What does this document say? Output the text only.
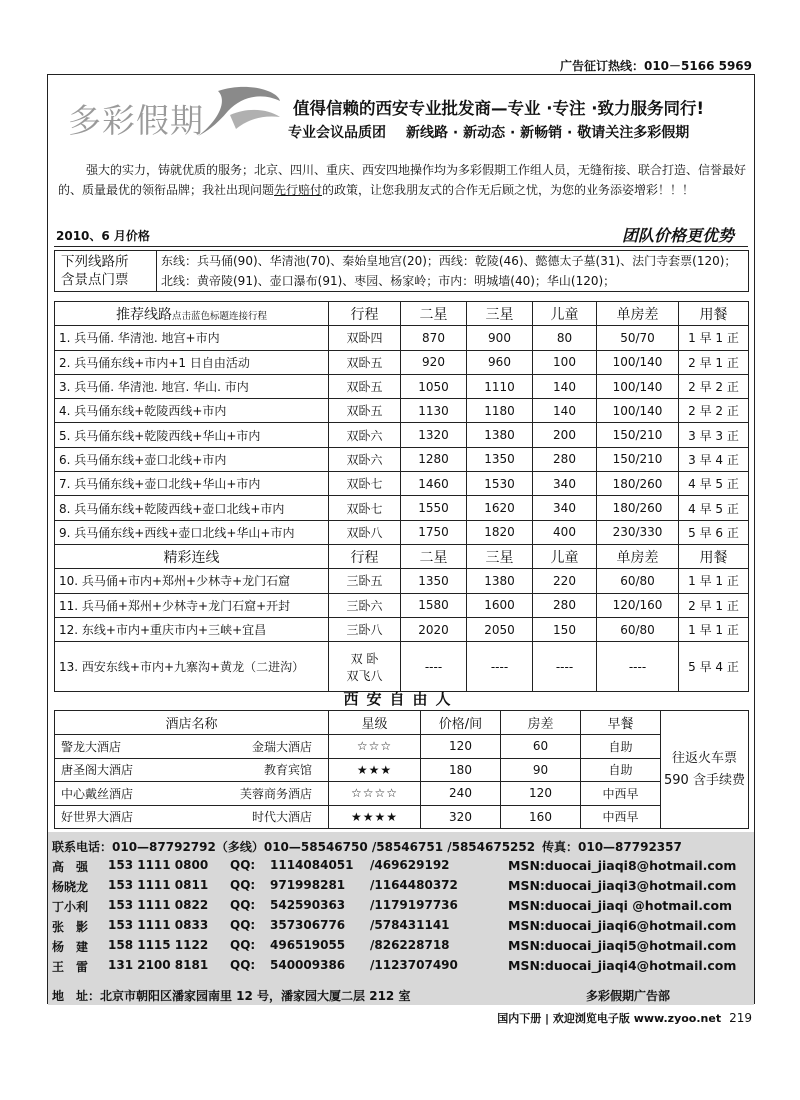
广告征订热线：010－5166 5969
多彩假期	值得信赖的西安专业批发商—专业 ·专注 ·致力服务同行!
专业会议品质团 新线路 · 新动态 · 新畅销 · 敬请关注多彩假期
强大的实力，铸就优质的服务；北京、四川、重庆、西安四地操作均为多彩假期工作组人员，无缝衔接、联合打造、信誉最好的、质量最优的领衔品牌；我社出现问题先行赔付的政策，让您我朋友式的合作无后顾之忧，为您的业务添姿增彩！！！
2010、6 月价格	团队价格更优势
下列线路所
含景点门票
	东线：兵马俑(90)、华清池(70)、秦始皇地宫(20)；西线：乾陵(46)、懿德太子墓(31)、法门寺套票(120)；北线：黄帝陵(91)、壶口瀑布(91)、枣园、杨家岭；市内：明城墙(40)；华山(120)；
推荐线路点击蓝色标题连接行程	行程	二星	三星	儿童	单房差	用餐
1. 兵马俑. 华清池. 地宫+市内	双卧四	870	900	80	50/70	1 早 1 正
2. 兵马俑东线+市内+1 日自由活动	双卧五	920	960	100	100/140	2 早 1 正
3. 兵马俑. 华清池. 地宫. 华山. 市内	双卧五	1050	1110	140	100/140	2 早 2 正
4. 兵马俑东线+乾陵西线+市内	双卧五	1130	1180	140	100/140	2 早 2 正
5. 兵马俑东线+乾陵西线+华山+市内	双卧六	1320	1380	200	150/210	3 早 3 正
6. 兵马俑东线+壶口北线+市内	双卧六	1280	1350	280	150/210	3 早 4 正
7. 兵马俑东线+壶口北线+华山+市内	双卧七	1460	1530	340	180/260	4 早 5 正
8. 兵马俑东线+乾陵西线+壶口北线+市内	双卧七	1550	1620	340	180/260	4 早 5 正
9. 兵马俑东线+西线+壶口北线+华山+市内	双卧八	1750	1820	400	230/330	5 早 6 正
精彩连线	行程	二星	三星	儿童	单房差	用餐
10. 兵马俑+市内+郑州+少林寺+龙门石窟	三卧五	1350	1380	220	60/80	1 早 1 正
11. 兵马俑+郑州+少林寺+龙门石窟+开封	三卧六	1580	1600	280	120/160	2 早 1 正
12. 东线+市内+重庆市内+三峡+宜昌	三卧八	2020	2050	150	60/80	1 早 1 正
13. 西安东线+市内+九寨沟+黄龙（二进沟）	双 卧
双飞八	----	----	----	----	5 早 4 正
西安自由人
酒店名称	星级	价格/间	房差	早餐	往返火车票
590 含手续费

警龙大酒店 金瑞大酒店	☆☆☆	120	60	自助	
唐圣阁大酒店 教育宾馆	★★★	180	90	自助	
中心戴丝酒店 芙蓉商务酒店	☆☆☆☆	240	120	中西早	
好世界大酒店 时代大酒店	★★★★	320	160	中西早	
联系电话：010—87792792（多线）010—58546750 /58546751 /5854675252 传真：010—87792357
高　强	153 1111 0800 QQ: 1114084051 /469629192	MSN:duocai_jiaqi8@hotmail.com
杨晓龙	153 1111 0811 QQ: 971998281 /1164480372	MSN:duocai_jiaqi3@hotmail.com
丁小利	153 1111 0822 QQ: 542590363 /1179197736	MSN:duocai_jiaqi @hotmail.com
张　影	153 1111 0833 QQ: 357306776 /578431141	MSN:duocai_jiaqi6@hotmail.com
杨　建	158 1115 1122 QQ: 496519055 /826228718	MSN:duocai_jiaqi5@hotmail.com
王　雷	131 2100 8181 QQ: 540009386 /1123707490	MSN:duocai_jiaqi4@hotmail.com
地　址：北京市朝阳区潘家园南里 12 号，潘家园大厦二层 212 室	多彩假期广告部
国内下册 | 欢迎浏览电子版 www.zyoo.net 219
